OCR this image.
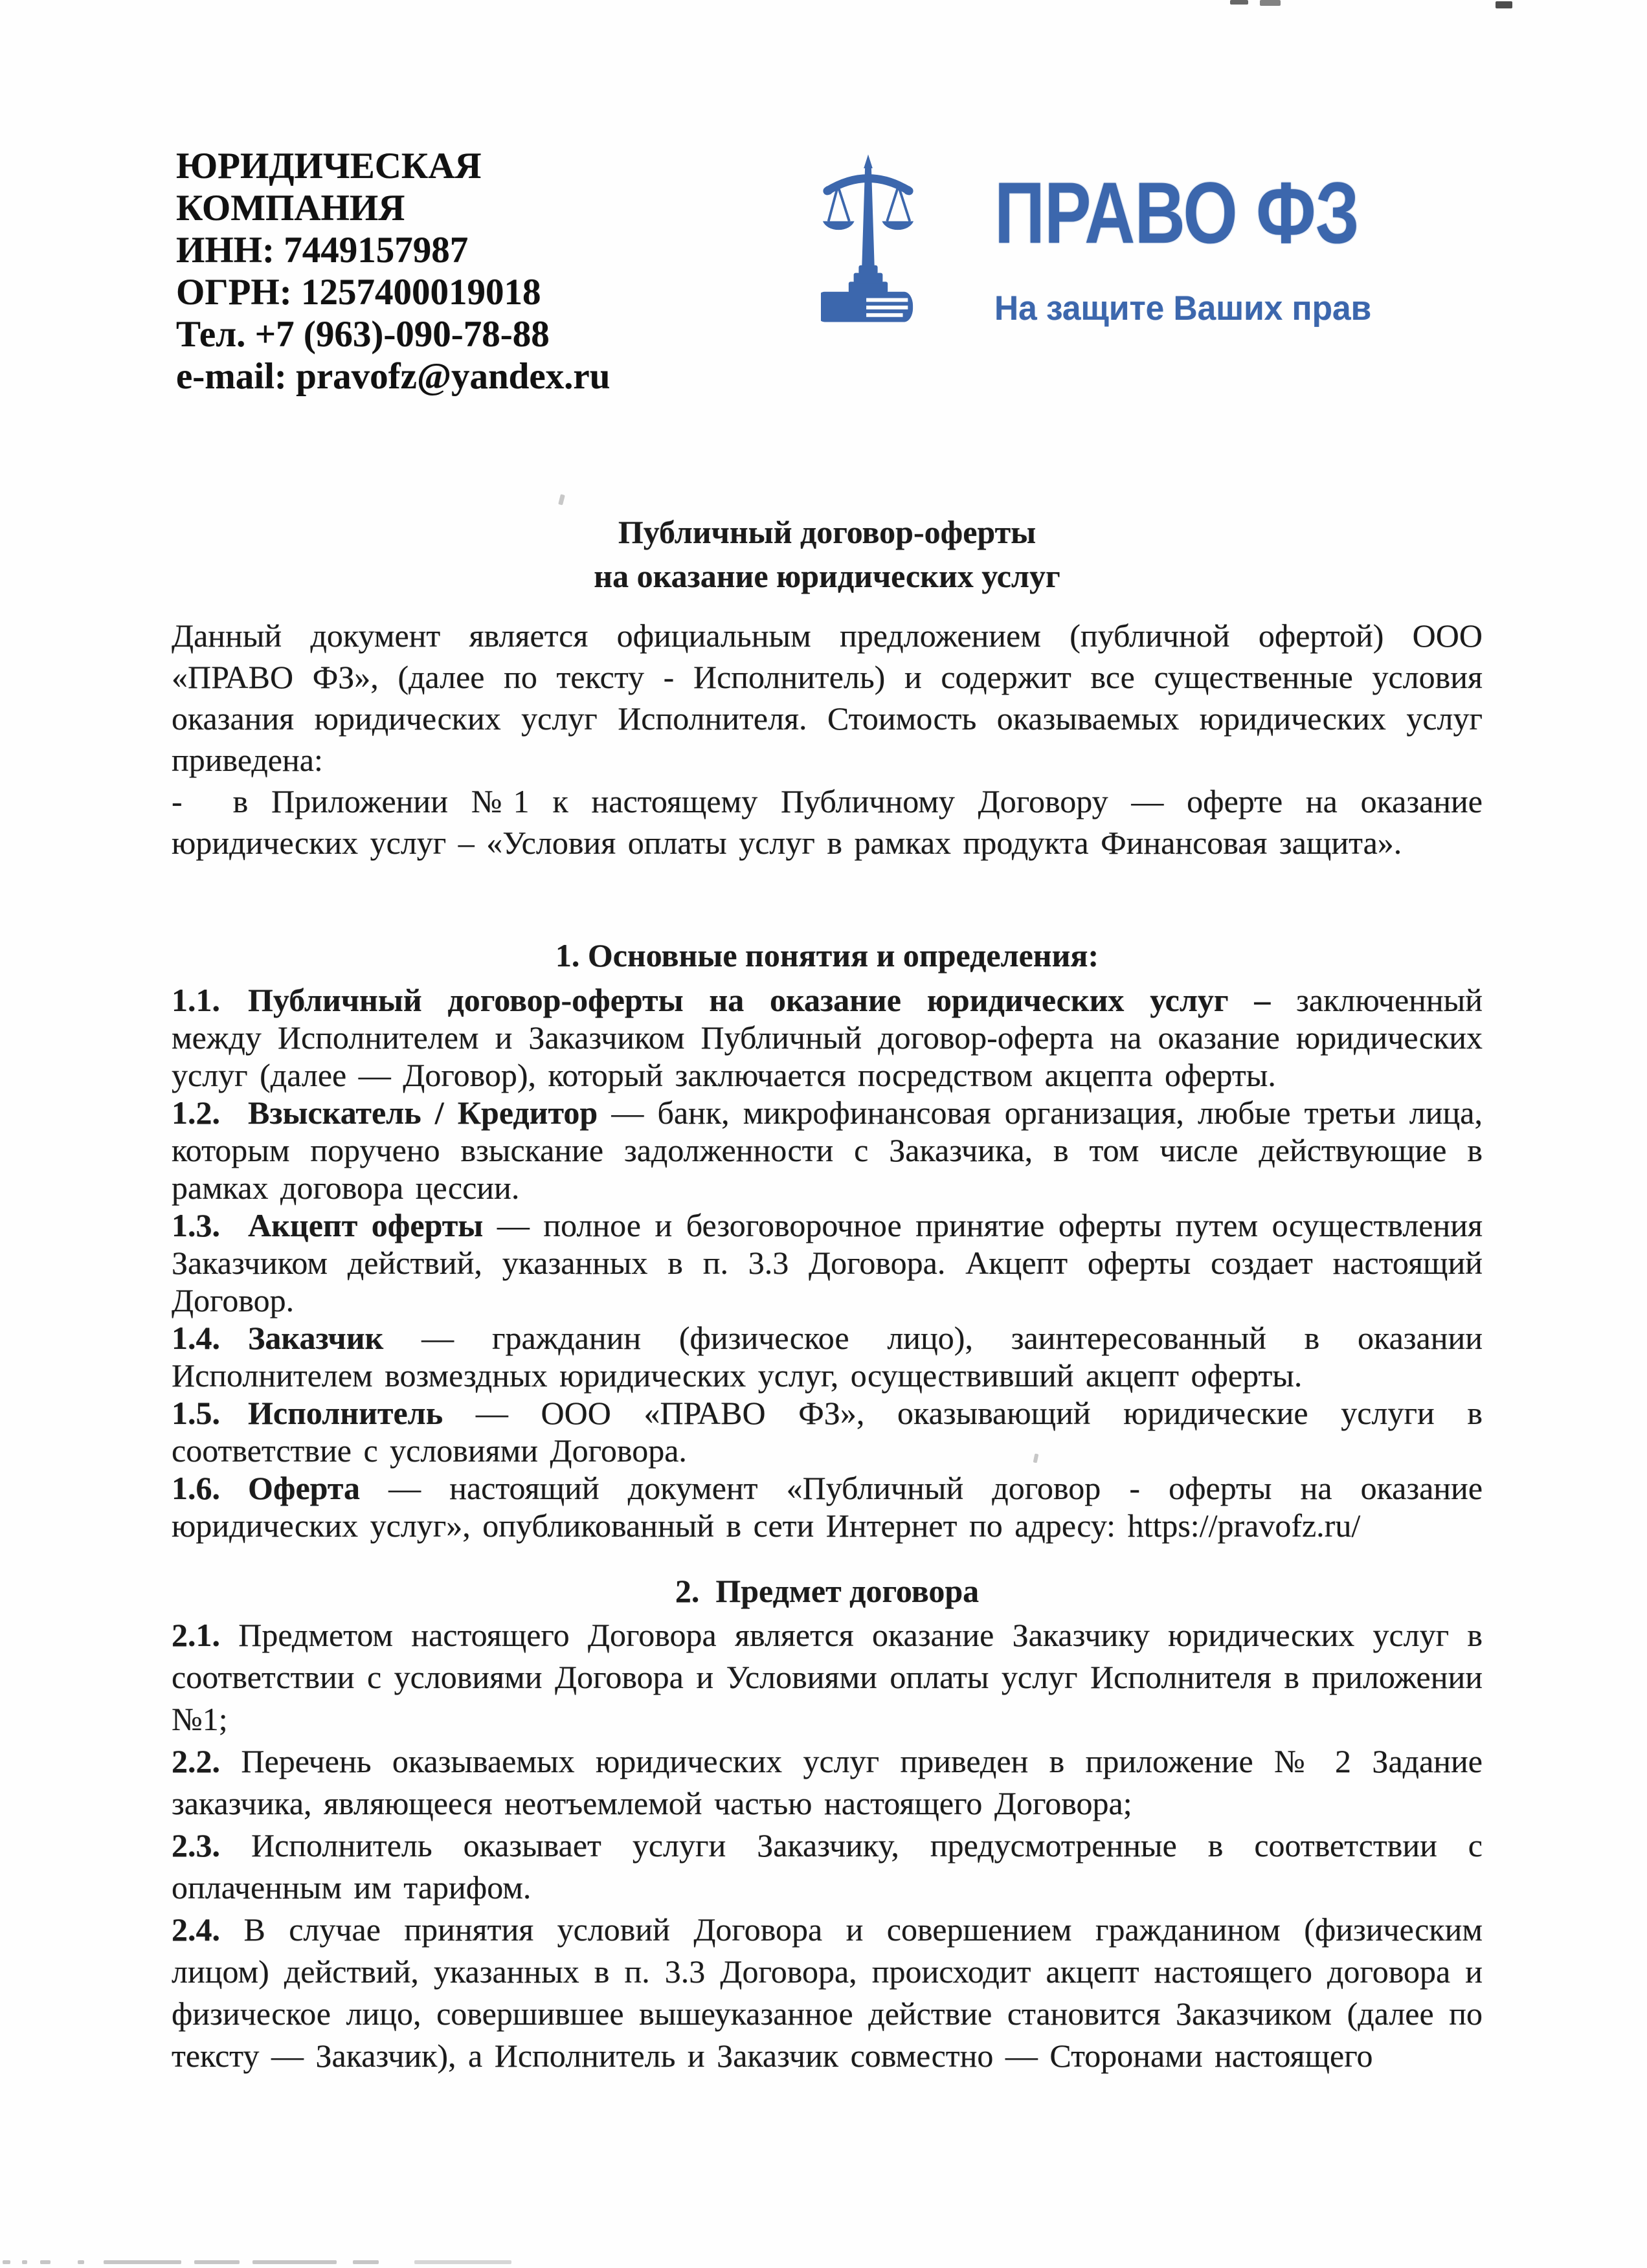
ЮРИДИЧЕСКАЯ
КОМПАНИЯ
ИНН: 7449157987
ОГРН: 1257400019018
Тел. +7 (963)-090-78-88
e-mail: pravofz@yandex.ru
ПРАВО ФЗ
На защите Ваших прав
Публичный договор-оферты
на оказание юридических услуг

Данный документ является официальным предложением (публичной офертой) ООО «ПРАВО ФЗ», (далее по тексту - Исполнитель) и содержит все существенные условия оказания юридических услуг Исполнителя. Стоимость оказываемых юридических услуг приведена:

- в Приложении №1 к настоящему Публичному Договору — оферте на оказание юридических услуг – «Условия оплаты услуг в рамках продукта Финансовая защита».

1. Основные понятия и определения:

1.1. Публичный договор-оферты на оказание юридических услуг – заключенный между Исполнителем и Заказчиком Публичный договор-оферта на оказание юридических услуг (далее — Договор), который заключается посредством акцепта оферты.

1.2. Взыскатель / Кредитор — банк, микрофинансовая организация, любые третьи лица, которым поручено взыскание задолженности с Заказчика, в том числе действующие в рамках договора цессии.

1.3. Акцепт оферты — полное и безоговорочное принятие оферты путем осуществления Заказчиком действий, указанных в п. 3.3 Договора. Акцепт оферты создает настоящий Договор.

1.4. Заказчик — гражданин (физическое лицо), заинтересованный в оказании Исполнителем возмездных юридических услуг, осуществивший акцепт оферты.

1.5. Исполнитель — ООО «ПРАВО ФЗ», оказывающий юридические услуги в соответствие с условиями Договора.

1.6. Оферта — настоящий документ «Публичный договор - оферты на оказание юридических услуг», опубликованный в сети Интернет по адресу: https://pravofz.ru/

2.  Предмет договора

2.1. Предметом настоящего Договора является оказание Заказчику юридических услуг в соответствии с условиями Договора и Условиями оплаты услуг Исполнителя в приложении №1;

2.2. Перечень оказываемых юридических услуг приведен в приложение № 2 Задание заказчика, являющееся неотъемлемой частью настоящего Договора;

2.3. Исполнитель оказывает услуги Заказчику, предусмотренные в соответствии с оплаченным им тарифом.

2.4. В случае принятия условий Договора и совершением гражданином (физическим лицом) действий, указанных в п. 3.3 Договора, происходит акцепт настоящего договора и физическое лицо, совершившее вышеуказанное действие становится Заказчиком (далее по тексту — Заказчик), а Исполнитель и Заказчик совместно — Сторонами настоящего
